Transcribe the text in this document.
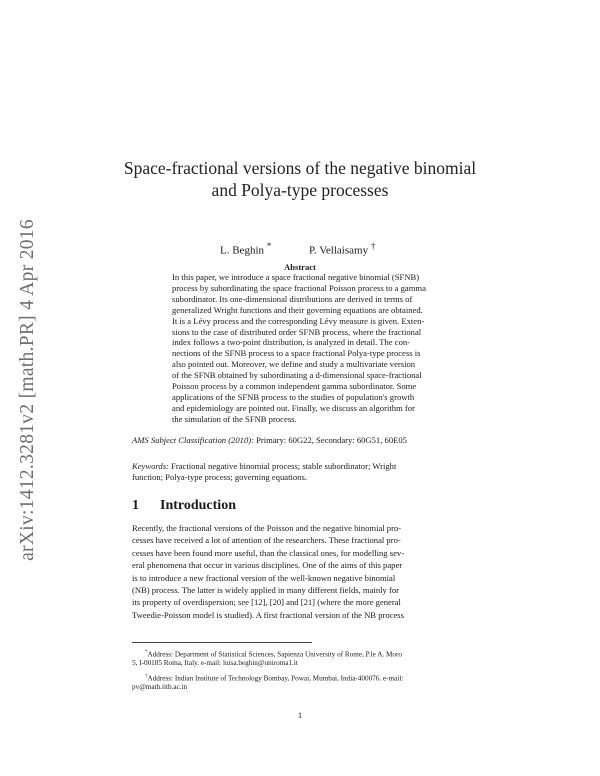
arXiv:1412.3281v2 [math.PR] 4 Apr 2016
Space-fractional versions of the negative binomial
and Polya-type processes
L. Beghin *	P. Vellaisamy †
Abstract
In this paper, we introduce a space fractional negative binomial (SFNB)
process by subordinating the space fractional Poisson process to a gamma
subordinator. Its one-dimensional distributions are derived in terms of
generalized Wright functions and their governing equations are obtained.
It is a Lévy process and the corresponding Lévy measure is given. Exten-
sions to the case of distributed order SFNB process, where the fractional
index follows a two-point distribution, is analyzed in detail. The con-
nections of the SFNB process to a space fractional Polya-type process is
also pointed out. Moreover, we define and study a multivariate version
of the SFNB obtained by subordinating a d-dimensional space-fractional
Poisson process by a common independent gamma subordinator. Some
applications of the SFNB process to the studies of population's growth
and epidemiology are pointed out. Finally, we discuss an algorithm for
the simulation of the SFNB process.
AMS Subject Classification (2010): Primary: 60G22, Secondary: 60G51, 60E05
Keywords: Fractional negative binomial process; stable subordinator; Wright
function; Polya-type process; governing equations.
1 Introduction
Recently, the fractional versions of the Poisson and the negative binomial pro-
cesses have received a lot of attention of the researchers. These fractional pro-
cesses have been found more useful, than the classical ones, for modelling sev-
eral phenomena that occur in various disciplines. One of the aims of this paper
is to introduce a new fractional version of the well-known negative binomial
(NB) process. The latter is widely applied in many different fields, mainly for
its property of overdispersion; see [12], [20] and [21] (where the more general
Tweedie-Poisson model is studied). A first fractional version of the NB process
*Address: Department of Statistical Sciences, Sapienza University of Rome, P.le A. Moro
5, I-00185 Roma, Italy. e-mail: luisa.beghin@uniroma1.it
†Address: Indian Institute of Technology Bombay, Powai, Mumbai, India-400076. e-mail:
pv@math.iitb.ac.in
1
